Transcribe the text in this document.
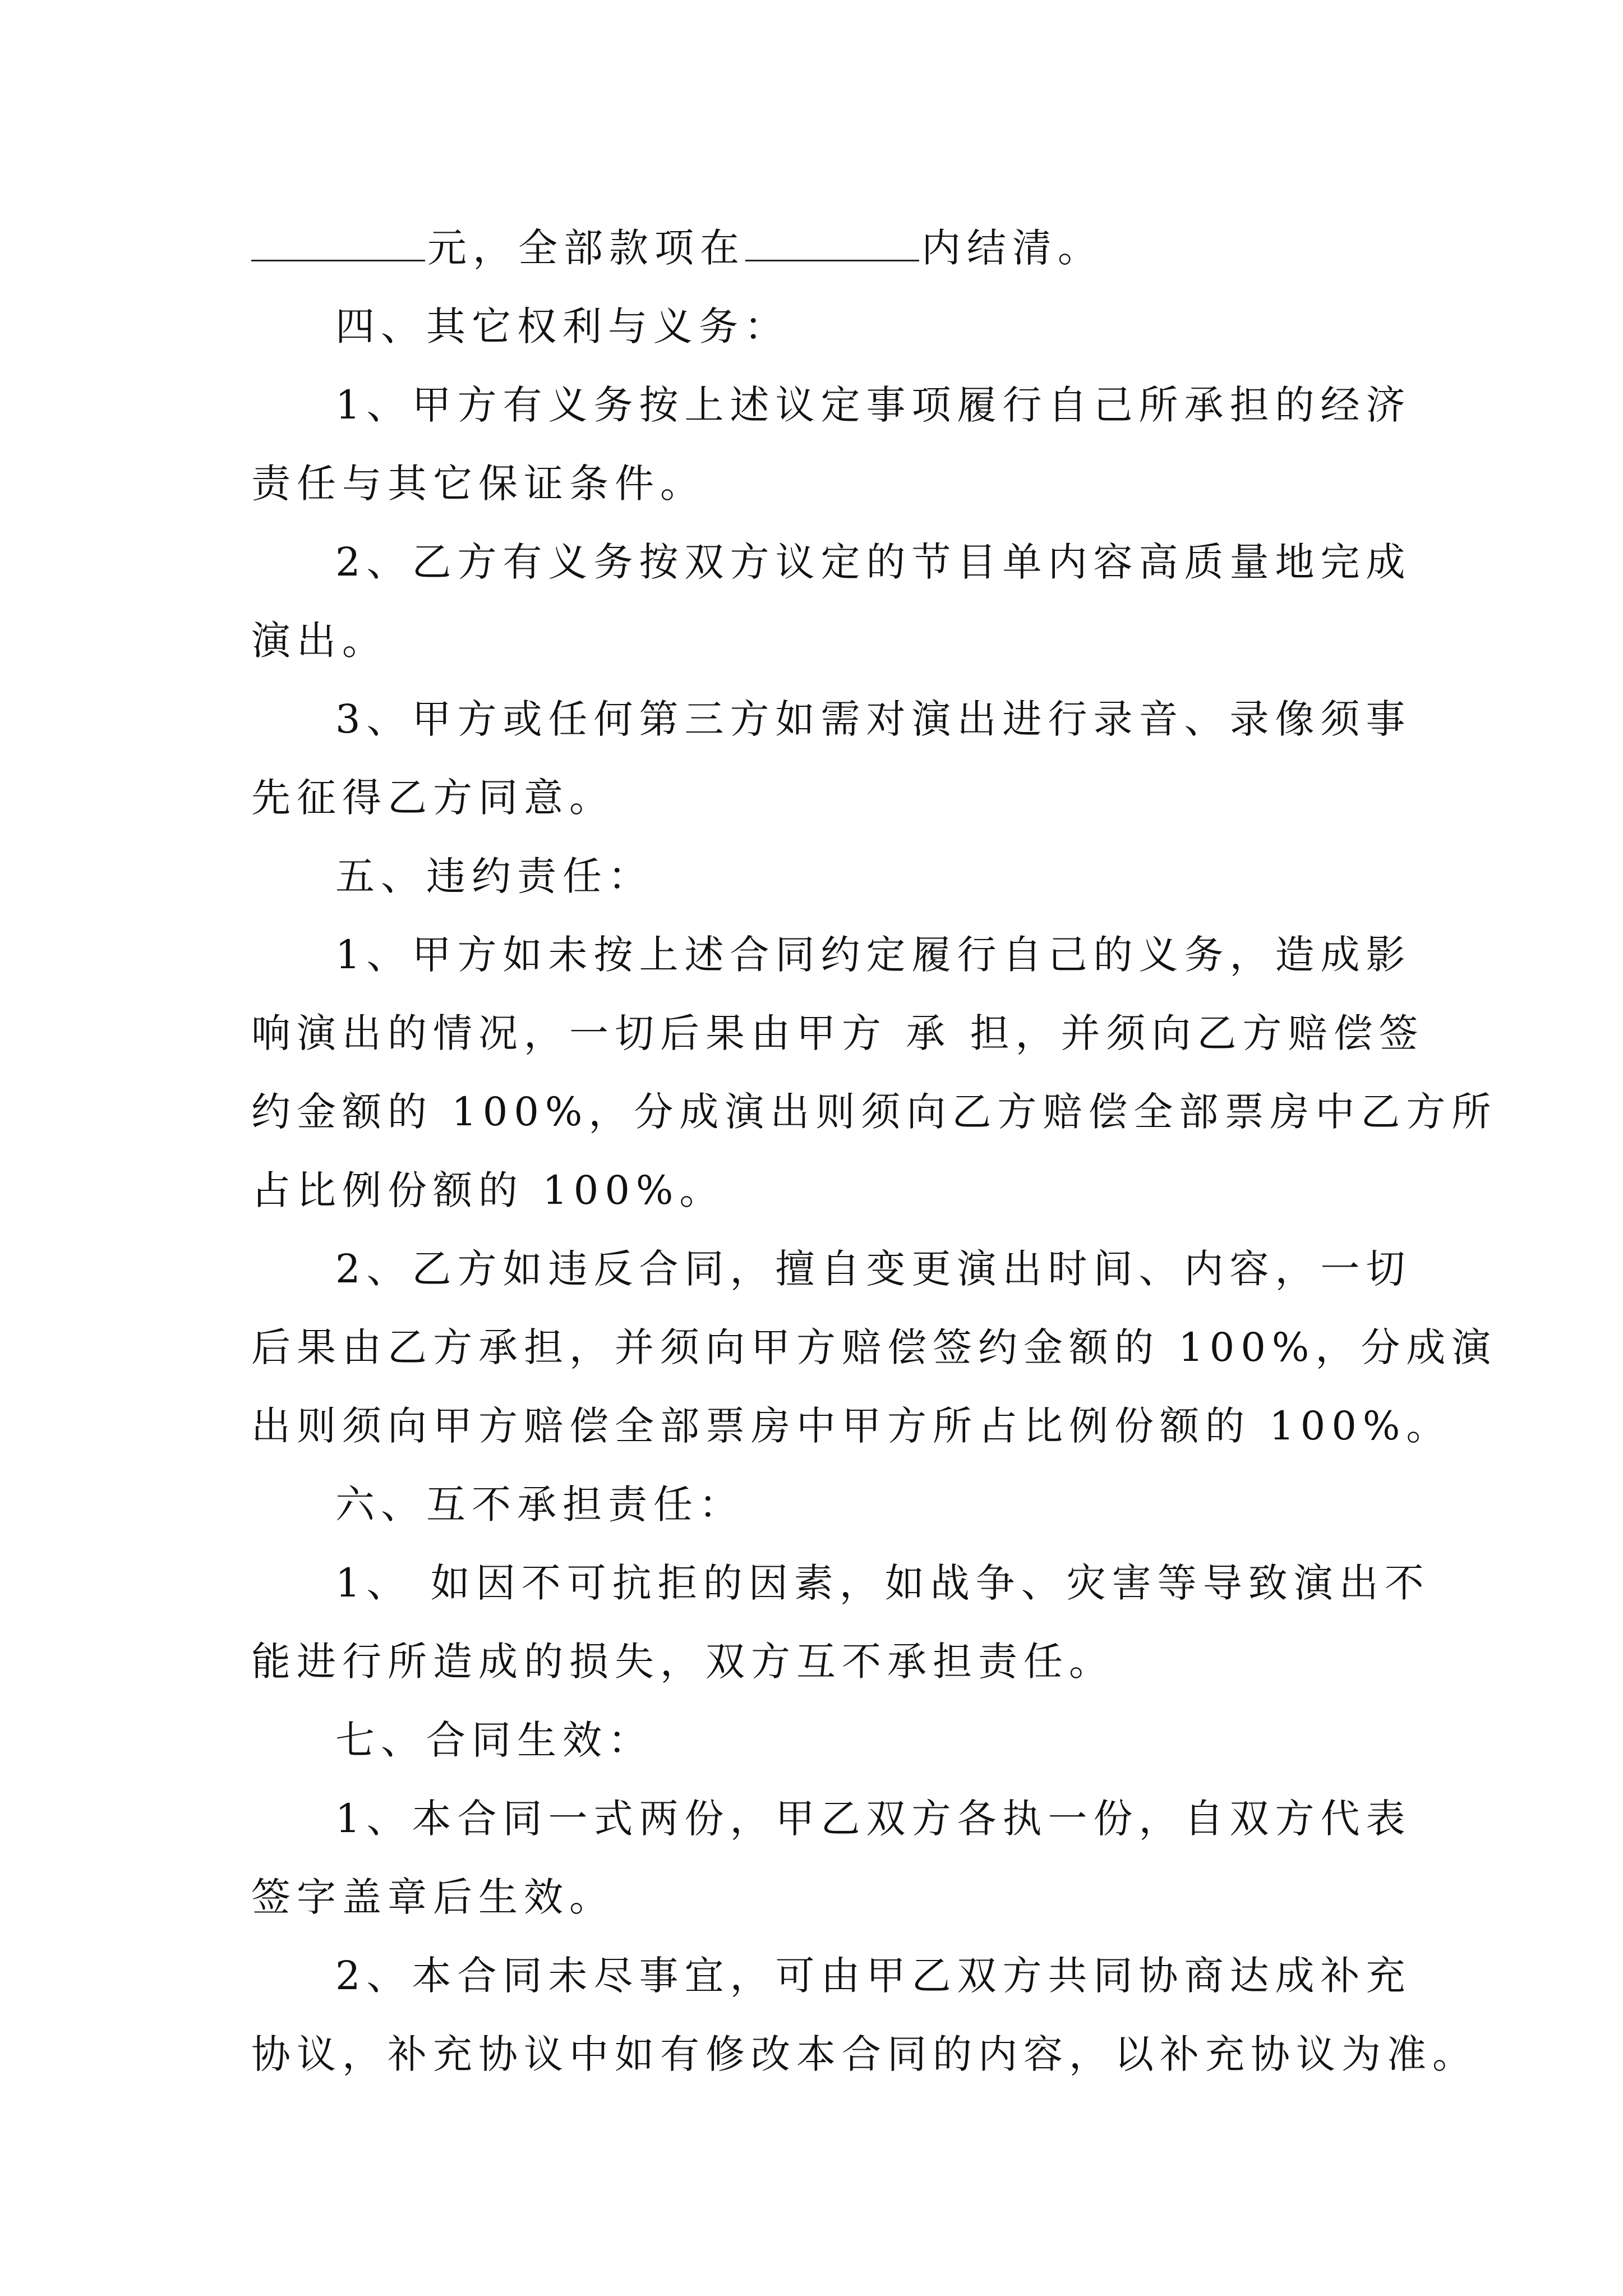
元，全部款项在	内结清。

四、其它权利与义务：

1、甲方有义务按上述议定事项履行自己所承担的经济

责任与其它保证条件。

2、乙方有义务按双方议定的节目单内容高质量地完成

演出。

3、甲方或任何第三方如需对演出进行录音、录像须事

先征得乙方同意。

五、违约责任：

1、甲方如未按上述合同约定履行自己的义务，造成影

响演出的情况，一切后果由甲方 承 担，并须向乙方赔偿签

约金额的 100%，分成演出则须向乙方赔偿全部票房中乙方所

占比例份额的 100%。

2、乙方如违反合同，擅自变更演出时间、内容，一切

后果由乙方承担，并须向甲方赔偿签约金额的 100%，分成演

出则须向甲方赔偿全部票房中甲方所占比例份额的 100%。

六、互不承担责任：

1、 如因不可抗拒的因素，如战争、灾害等导致演出不

能进行所造成的损失，双方互不承担责任。

七、合同生效：

1、本合同一式两份，甲乙双方各执一份，自双方代表

签字盖章后生效。

2、本合同未尽事宜，可由甲乙双方共同协商达成补充

协议，补充协议中如有修改本合同的内容，以补充协议为准。
